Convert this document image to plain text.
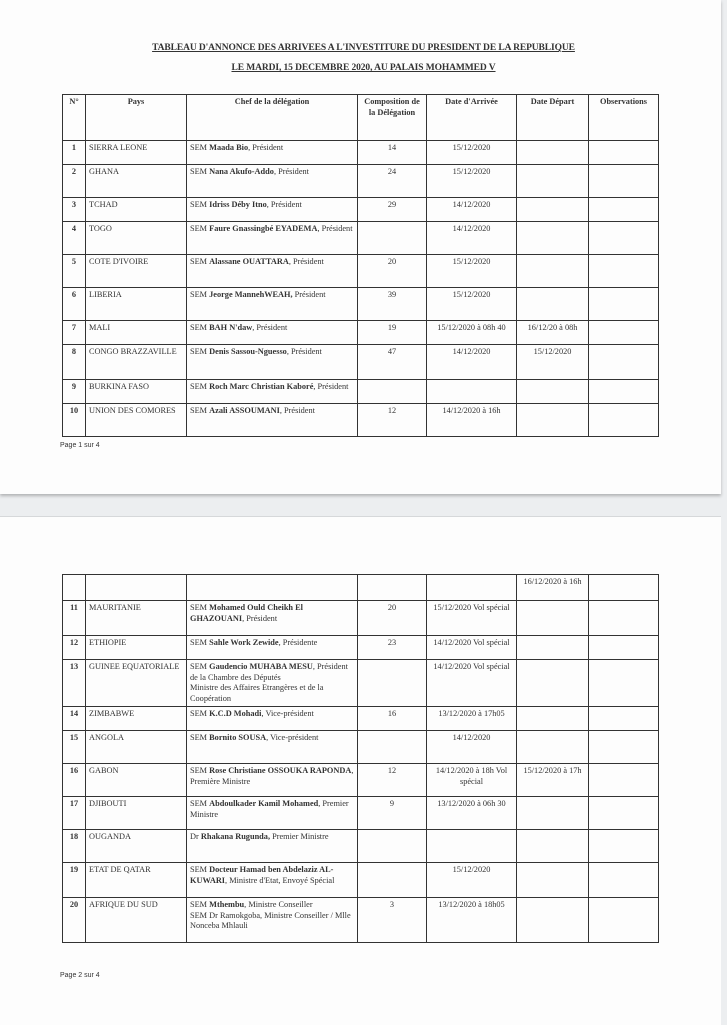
TABLEAU D'ANNONCE DES ARRIVEES A L'INVESTITURE DU PRESIDENT DE LA REPUBLIQUE
LE MARDI, 15 DECEMBRE 2020, AU PALAIS MOHAMMED V
N°	Pays	Chef de la délégation	Composition de la Délégation	Date d'Arrivée	Date Départ	Observations
1	SIERRA LEONE	SEM Maada Bio, Président	14	15/12/2020		
2	GHANA	SEM Nana Akufo-Addo, Président	24	15/12/2020		
3	TCHAD	SEM Idriss Déby Itno, Président	29	14/12/2020		
4	TOGO	SEM Faure Gnassingbé EYADEMA, Président		14/12/2020		
5	COTE D'IVOIRE	SEM Alassane OUATTARA, Président	20	15/12/2020		
6	LIBERIA	SEM Jeorge MannehWEAH, Président	39	15/12/2020		
7	MALI	SEM BAH N'daw, Président	19	15/12/2020 à 08h 40	16/12/20 à 08h	
8	CONGO BRAZZAVILLE	SEM Denis Sassou-Nguesso, Président	47	14/12/2020	15/12/2020	
9	BURKINA FASO	SEM Roch Marc Christian Kaboré, Président				
10	UNION DES COMORES	SEM Azali ASSOUMANI, Président	12	14/12/2020 à 16h		
Page 1 sur 4
					16/12/2020 à 16h	
11	MAURITANIE	SEM Mohamed Ould Cheikh El GHAZOUANI, Président	20	15/12/2020 Vol spécial		
12	ETHIOPIE	SEM Sahle Work Zewide, Présidente	23	14/12/2020 Vol spécial		
13	GUINEE EQUATORIALE	SEM Gaudencio MUHABA MESU, Président de la Chambre des Députés
Ministre des Affaires Etrangères et de la Coopération		14/12/2020 Vol spécial		
14	ZIMBABWE	SEM K.C.D Mohadi, Vice-président	16	13/12/2020 à 17h05		
15	ANGOLA	SEM Bornito SOUSA, Vice-président		14/12/2020		
16	GABON	SEM Rose Christiane OSSOUKA RAPONDA, Première Ministre	12	14/12/2020 à 18h Vol spécial	15/12/2020 à 17h	
17	DJIBOUTI	SEM Abdoulkader Kamil Mohamed, Premier Ministre	9	13/12/2020 à 06h 30		
18	OUGANDA	Dr Rhakana Rugunda, Premier Ministre				
19	ETAT DE QATAR	SEM Docteur Hamad ben Abdelaziz AL-KUWARI, Ministre d'Etat, Envoyé Spécial		15/12/2020		
20	AFRIQUE DU SUD	SEM Mthembu, Ministre Conseiller
SEM Dr Ramokgoba, Ministre Conseiller / Mlle Nonceba Mhlauli	3	13/12/2020 à 18h05		
Page 2 sur 4
